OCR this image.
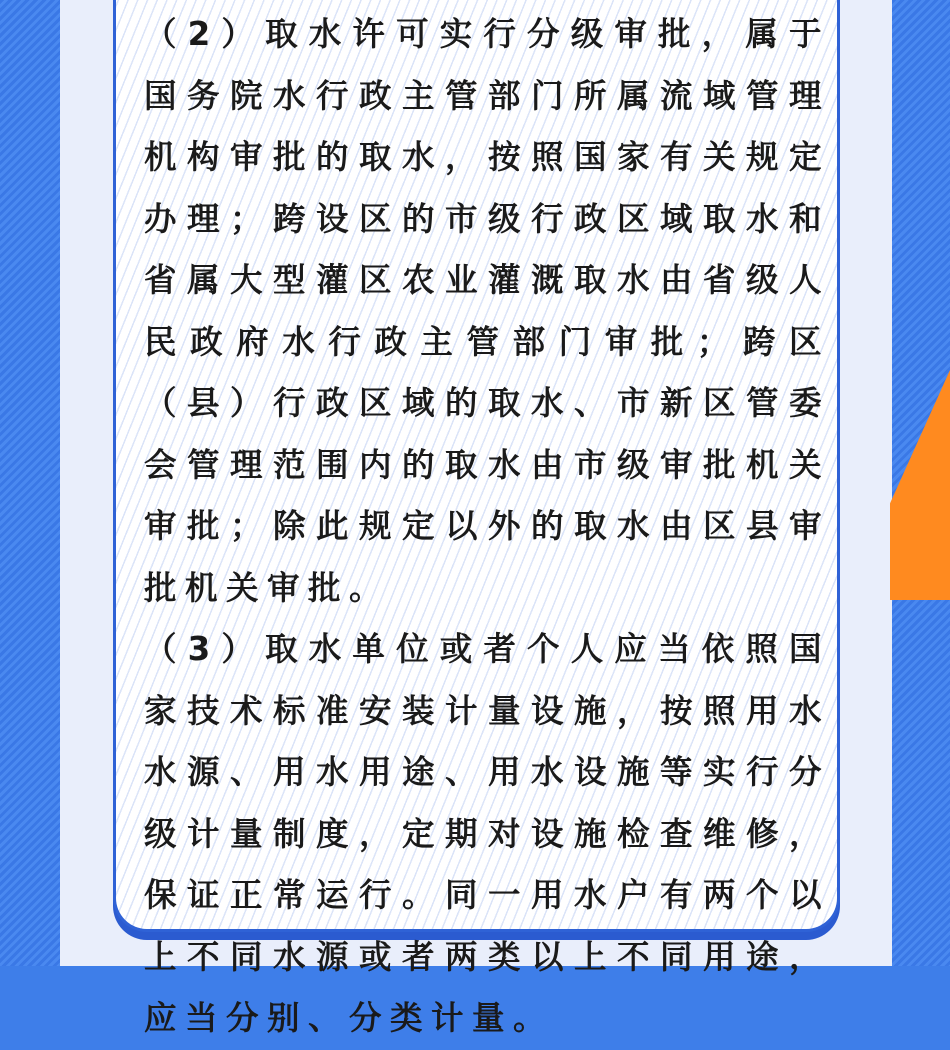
（2）取水许可实行分级审批，属于国务院水行政主管部门所属流域管理机构审批的取水，按照国家有关规定办理；跨设区的市级行政区域取水和省属大型灌区农业灌溉取水由省级人民政府水行政主管部门审批；跨区（县）行政区域的取水、市新区管委会管理范围内的取水由市级审批机关审批；除此规定以外的取水由区县审批机关审批。

（3）取水单位或者个人应当依照国家技术标准安装计量设施，按照用水水源、用水用途、用水设施等实行分级计量制度，定期对设施检查维修，保证正常运行。同一用水户有两个以上不同水源或者两类以上不同用途，应当分别、分类计量。
